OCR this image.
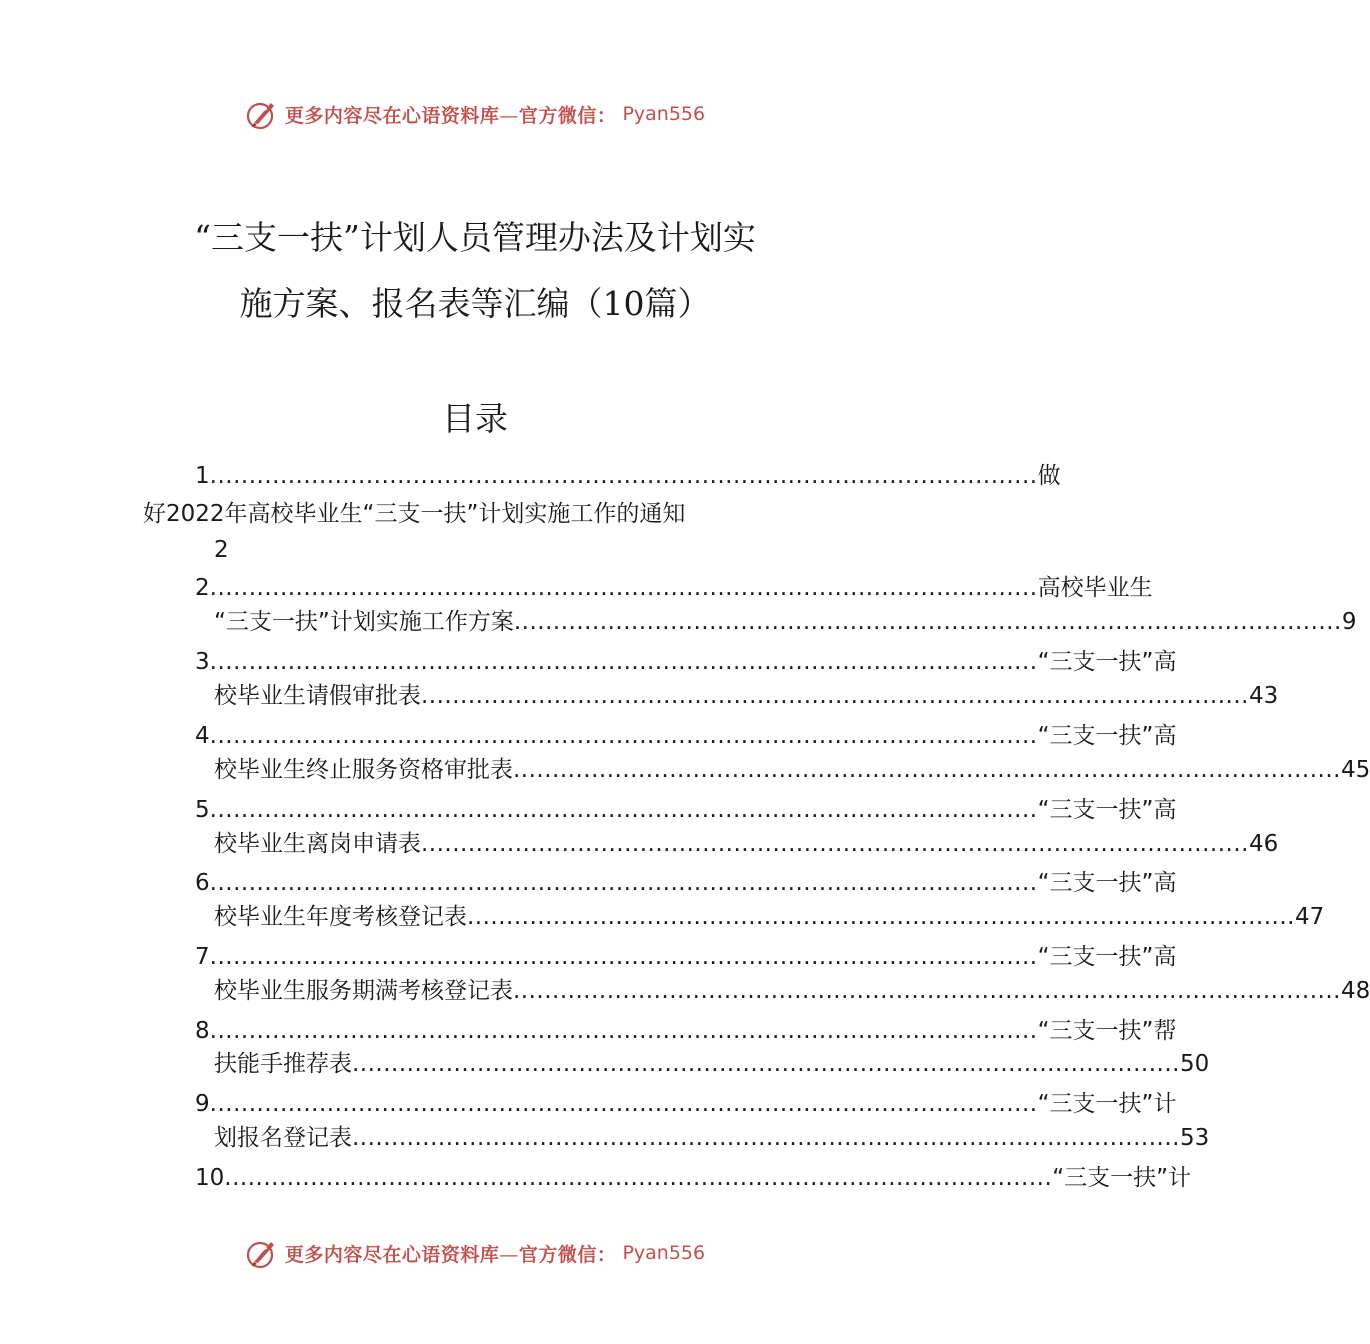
更多内容尽在心语资料库—官方微信： Pyan556
“三支一扶”计划人员管理办法及计划实
施方案、报名表等汇编（10篇）
目录
1 .......................................................................................................... 做
好2022年高校毕业生“三支一扶”计划实施工作的通知
2
2 .......................................................................................................... 高校毕业生
“三支一扶”计划实施工作方案 .......................................................................................................... 9
3 .......................................................................................................... “三支一扶”高
校毕业生请假审批表 .......................................................................................................... 43
4 .......................................................................................................... “三支一扶”高
校毕业生终止服务资格审批表 .......................................................................................................... 45
5 .......................................................................................................... “三支一扶”高
校毕业生离岗申请表 .......................................................................................................... 46
6 .......................................................................................................... “三支一扶”高
校毕业生年度考核登记表 .......................................................................................................... 47
7 .......................................................................................................... “三支一扶”高
校毕业生服务期满考核登记表 .......................................................................................................... 48
8 .......................................................................................................... “三支一扶”帮
扶能手推荐表 .......................................................................................................... 50
9 .......................................................................................................... “三支一扶”计
划报名登记表 .......................................................................................................... 53
10 .......................................................................................................... “三支一扶”计
更多内容尽在心语资料库—官方微信： Pyan556
